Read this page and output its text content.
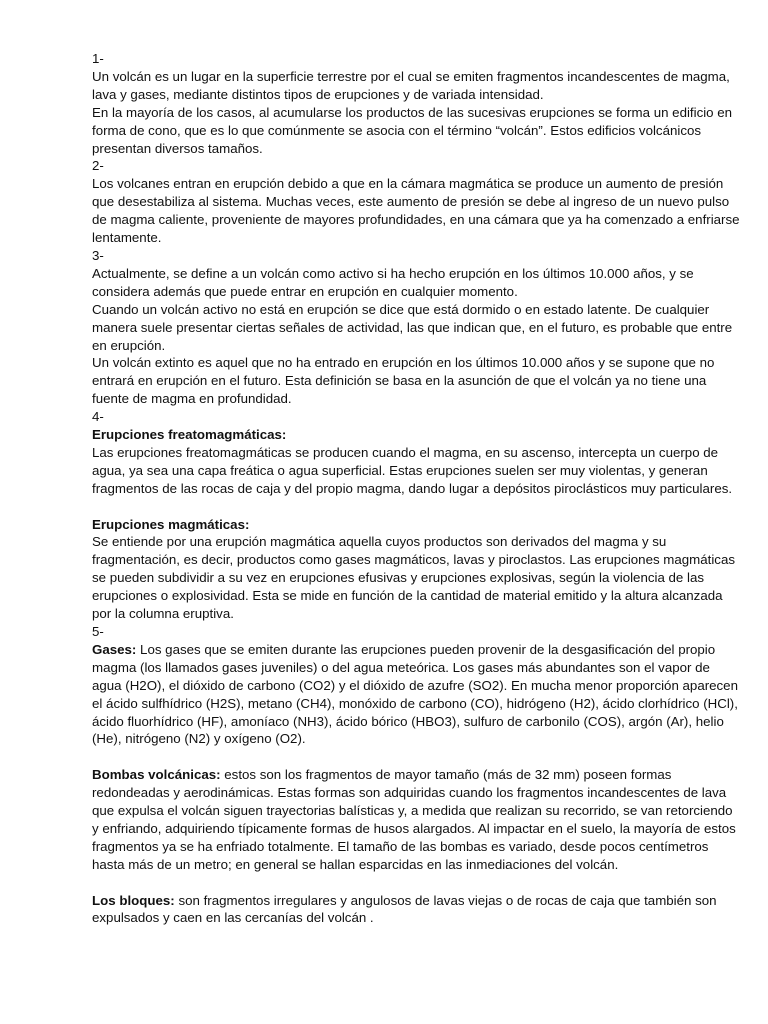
1-

Un volcán es un lugar en la superficie terrestre por el cual se emiten fragmentos incandescentes de magma, lava y gases, mediante distintos tipos de erupciones y de variada intensidad.

En la mayoría de los casos, al acumularse los productos de las sucesivas erupciones se forma un edificio en forma de cono, que es lo que comúnmente se asocia con el término “volcán”. Estos edificios volcánicos presentan diversos tamaños.

2-

Los volcanes entran en erupción debido a que en la cámara magmática se produce un aumento de presión que desestabiliza al sistema. Muchas veces, este aumento de presión se debe al ingreso de un nuevo pulso de magma caliente, proveniente de mayores profundidades, en una cámara que ya ha comenzado a enfriarse lentamente.

3-

Actualmente, se define a un volcán como activo si ha hecho erupción en los últimos 10.000 años, y se considera además que puede entrar en erupción en cualquier momento.

Cuando un volcán activo no está en erupción se dice que está dormido o en estado latente. De cualquier manera suele presentar ciertas señales de actividad, las que indican que, en el futuro, es probable que entre en erupción.

Un volcán extinto es aquel que no ha entrado en erupción en los últimos 10.000 años y se supone que no entrará en erupción en el futuro. Esta definición se basa en la asunción de que el volcán ya no tiene una fuente de magma en profundidad.

4-

Erupciones freatomagmáticas:

Las erupciones freatomagmáticas se producen cuando el magma, en su ascenso, intercepta un cuerpo de agua, ya sea una capa freática o agua superficial. Estas erupciones suelen ser muy violentas, y generan fragmentos de las rocas de caja y del propio magma, dando lugar a depósitos piroclásticos muy particulares.

Erupciones magmáticas:

Se entiende por una erupción magmática aquella cuyos productos son derivados del magma y su fragmentación, es decir, productos como gases magmáticos, lavas y piroclastos. Las erupciones magmáticas se pueden subdividir a su vez en erupciones efusivas y erupciones explosivas, según la violencia de las erupciones o explosividad. Esta se mide en función de la cantidad de material emitido y la altura alcanzada por la columna eruptiva.

5-

Gases: Los gases que se emiten durante las erupciones pueden provenir de la desgasificación del propio magma (los llamados gases juveniles) o del agua meteórica. Los gases más abundantes son el vapor de agua (H2O), el dióxido de carbono (CO2) y el dióxido de azufre (SO2). En mucha menor proporción aparecen el ácido sulfhídrico (H2S), metano (CH4), monóxido de carbono (CO), hidrógeno (H2), ácido clorhídrico (HCl), ácido fluorhídrico (HF), amoníaco (NH3), ácido bórico (HBO3), sulfuro de carbonilo (COS), argón (Ar), helio (He), nitrógeno (N2) y oxígeno (O2).

Bombas volcánicas: estos son los fragmentos de mayor tamaño (más de 32 mm) poseen formas redondeadas y aerodinámicas. Estas formas son adquiridas cuando los fragmentos incandescentes de lava que expulsa el volcán siguen trayectorias balísticas y, a medida que realizan su recorrido, se van retorciendo y enfriando, adquiriendo típicamente formas de husos alargados. Al impactar en el suelo, la mayoría de estos fragmentos ya se ha enfriado totalmente. El tamaño de las bombas es variado, desde pocos centímetros hasta más de un metro; en general se hallan esparcidas en las inmediaciones del volcán.

Los bloques: son fragmentos irregulares y angulosos de lavas viejas o de rocas de caja que también son expulsados y caen en las cercanías del volcán .
